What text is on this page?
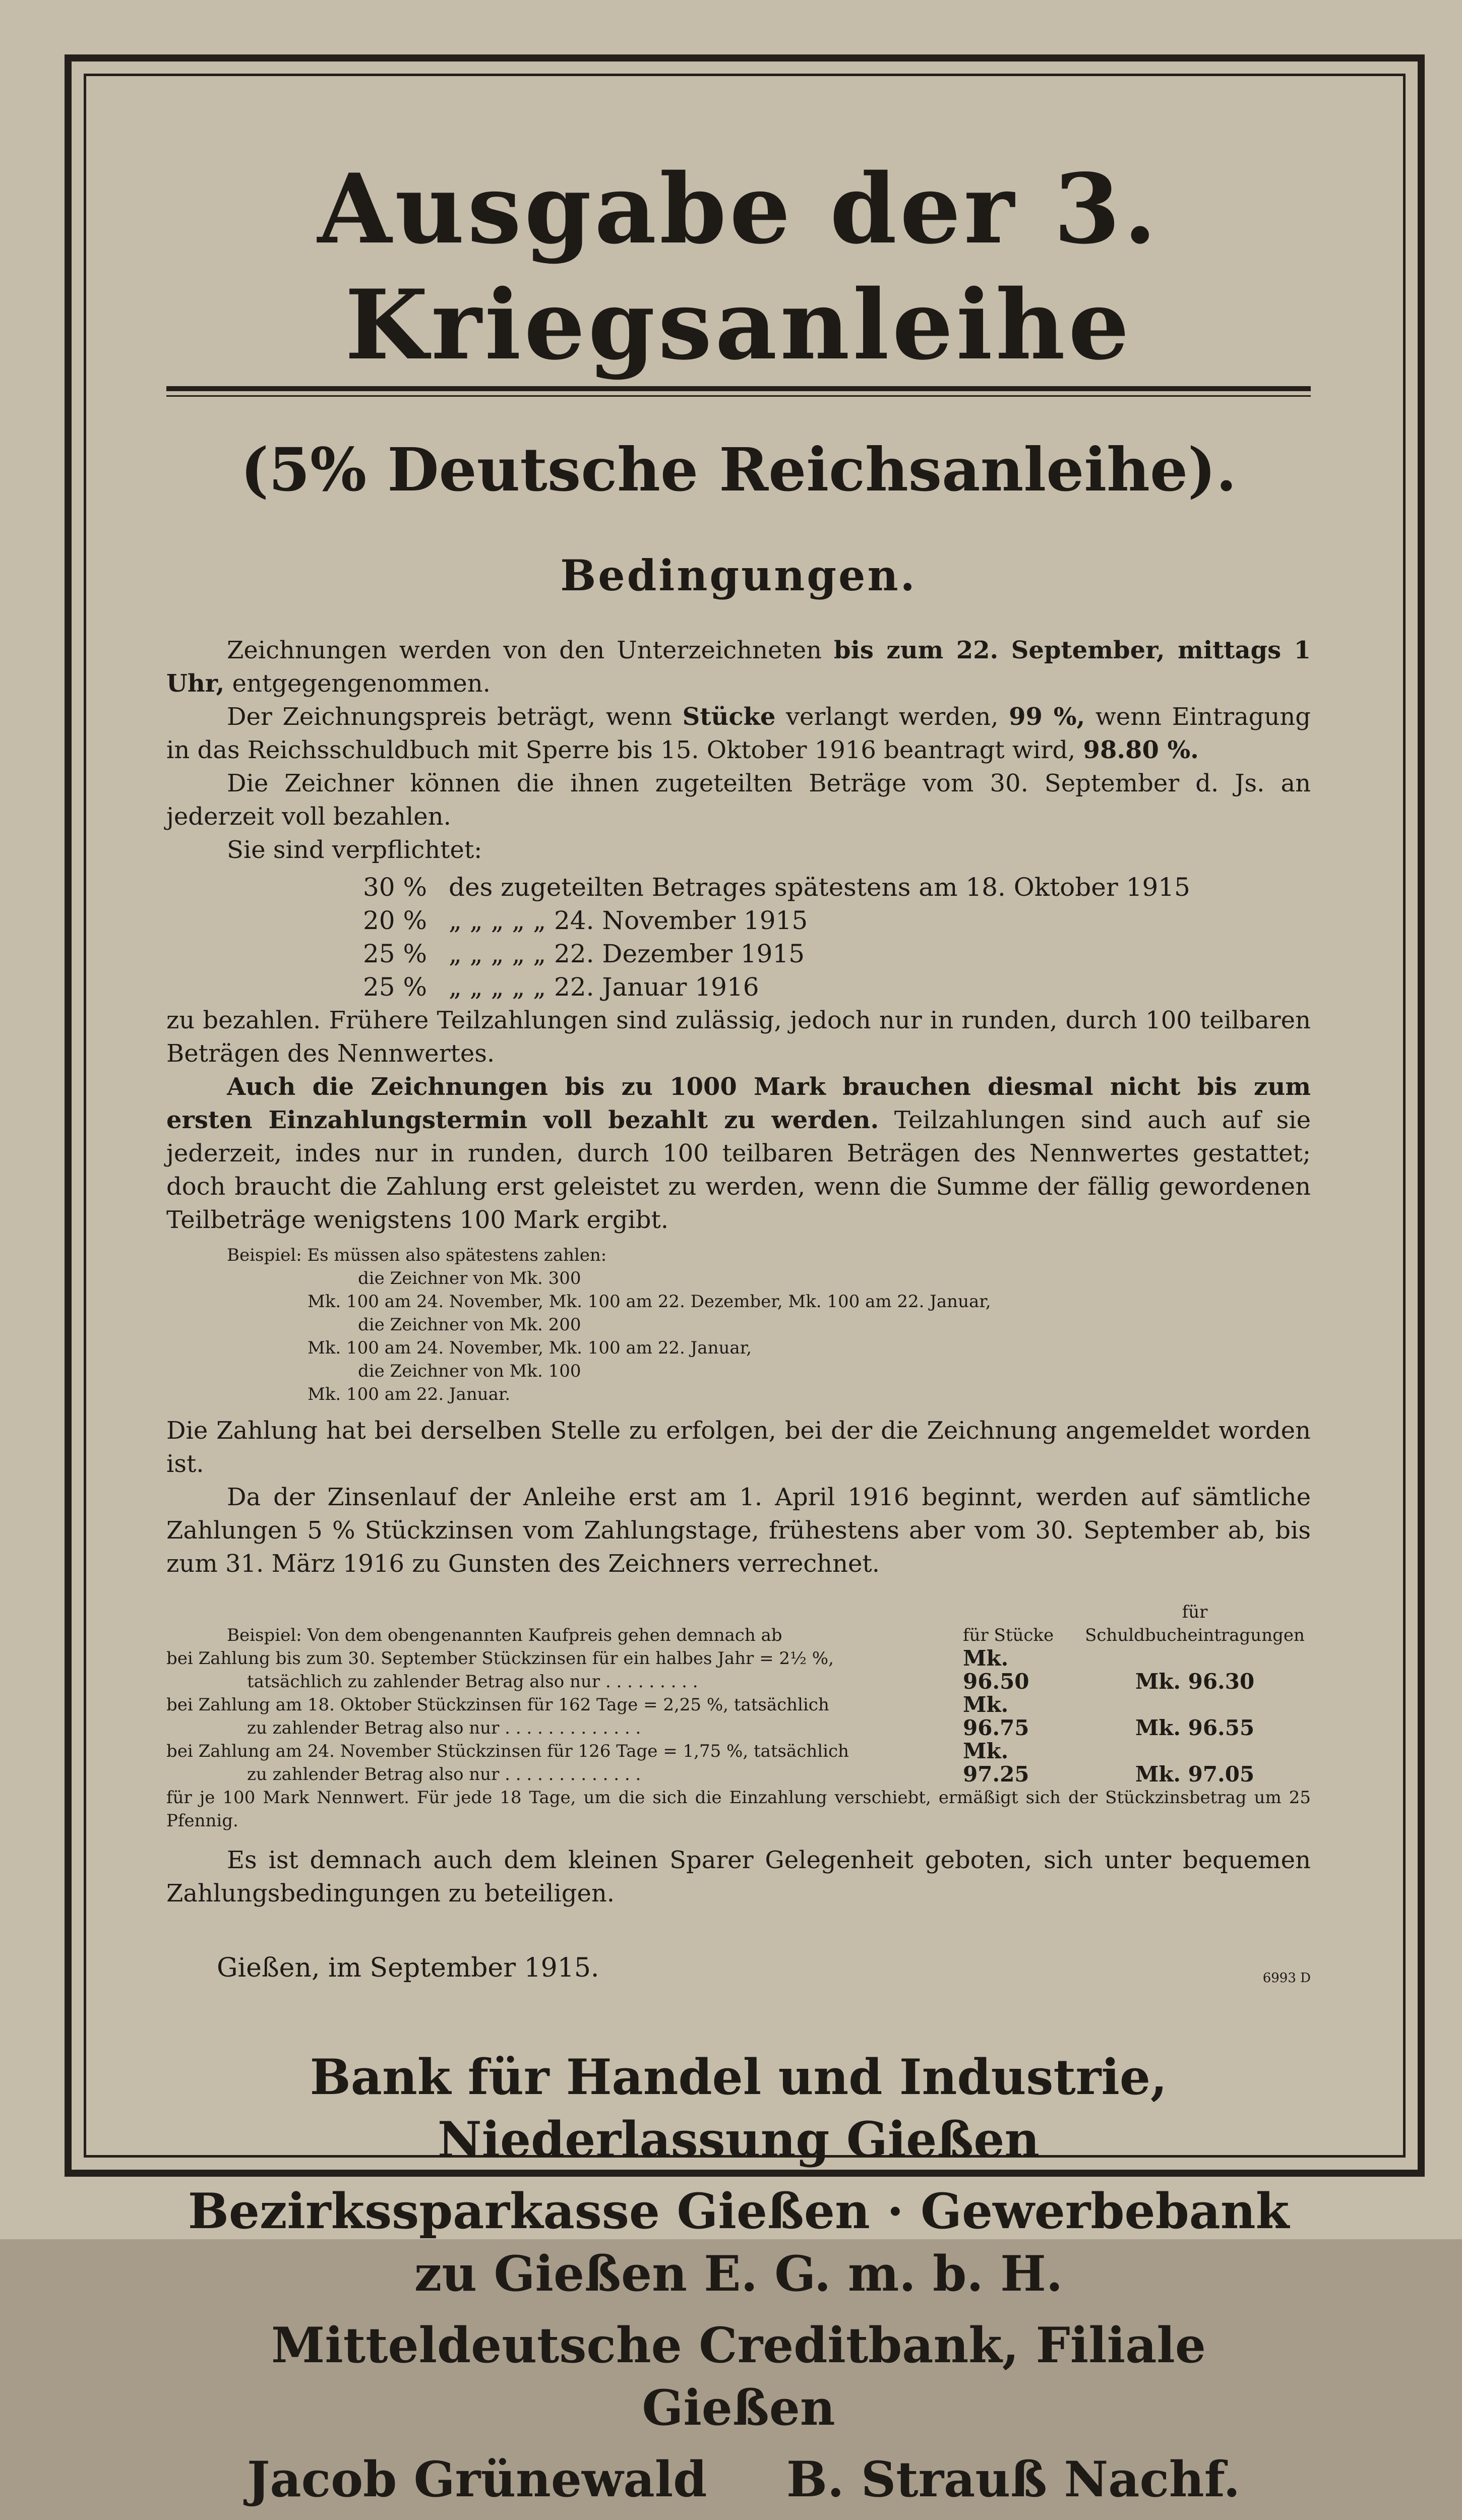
Ausgabe der 3. Kriegsanleihe
(5% Deutsche Reichsanleihe).
Bedingungen.

Zeichnungen werden von den Unterzeichneten bis zum 22. September, mittags 1 Uhr, entgegengenommen.

Der Zeichnungspreis beträgt, wenn Stücke verlangt werden, 99 %, wenn Eintragung in das Reichsschuldbuch mit Sperre bis 15. Oktober 1916 beantragt wird, 98.80 %.

Die Zeichner können die ihnen zugeteilten Beträge vom 30. September d. Js. an jederzeit voll bezahlen.

Sie sind verpflichtet:

30 % des zugeteilten Betrages spätestens am 18. Oktober 1915
20 % „ „ „ „ „ 24. November 1915
25 % „ „ „ „ „ 22. Dezember 1915
25 % „ „ „ „ „ 22. Januar 1916

zu bezahlen. Frühere Teilzahlungen sind zulässig, jedoch nur in runden, durch 100 teilbaren Beträgen des Nennwertes.

Auch die Zeichnungen bis zu 1000 Mark brauchen diesmal nicht bis zum ersten Einzahlungstermin voll bezahlt zu werden. Teilzahlungen sind auch auf sie jederzeit, indes nur in runden, durch 100 teilbaren Beträgen des Nennwertes gestattet; doch braucht die Zahlung erst geleistet zu werden, wenn die Summe der fällig gewordenen Teilbeträge wenigstens 100 Mark ergibt.

Beispiel: Es müssen also spätestens zahlen:
die Zeichner von Mk. 300
Mk. 100 am 24. November, Mk. 100 am 22. Dezember, Mk. 100 am 22. Januar,
die Zeichner von Mk. 200
Mk. 100 am 24. November, Mk. 100 am 22. Januar,
die Zeichner von Mk. 100
Mk. 100 am 22. Januar.

Die Zahlung hat bei derselben Stelle zu erfolgen, bei der die Zeichnung angemeldet worden ist.

Da der Zinsenlauf der Anleihe erst am 1. April 1916 beginnt, werden auf sämtliche Zahlungen 5 % Stückzinsen vom Zahlungstage, frühestens aber vom 30. September ab, bis zum 31. März 1916 zu Gunsten des Zeichners verrechnet.

Beispiel: Von dem obengenannten Kaufpreis gehen demnach ab	für Stücke	für Schuldbucheintragungen

bei Zahlung bis zum 30. September Stückzinsen für ein halbes Jahr = 2½ %,
tatsächlich zu zahlender Betrag also nur . . . . . . . . .	Mk. 96.50	Mk. 96.30

bei Zahlung am 18. Oktober Stückzinsen für 162 Tage = 2,25 %, tatsächlich
zu zahlender Betrag also nur . . . . . . . . . . . . .	Mk. 96.75	Mk. 96.55

bei Zahlung am 24. November Stückzinsen für 126 Tage = 1,75 %, tatsächlich
zu zahlender Betrag also nur . . . . . . . . . . . . .	Mk. 97.25	Mk. 97.05

für je 100 Mark Nennwert. Für jede 18 Tage, um die sich die Einzahlung verschiebt, ermäßigt sich der Stückzinsbetrag um 25 Pfennig.

Es ist demnach auch dem kleinen Sparer Gelegenheit geboten, sich unter bequemen Zahlungsbedingungen zu beteiligen.

Gießen, im September 1915.	6993 D
Bank für Handel und Industrie, Niederlassung Gießen
Bezirkssparkasse Gießen · Gewerbebank zu Gießen E. G. m. b. H.
Mitteldeutsche Creditbank, Filiale Gießen
Jacob Grünewald B. Strauß Nachf.
